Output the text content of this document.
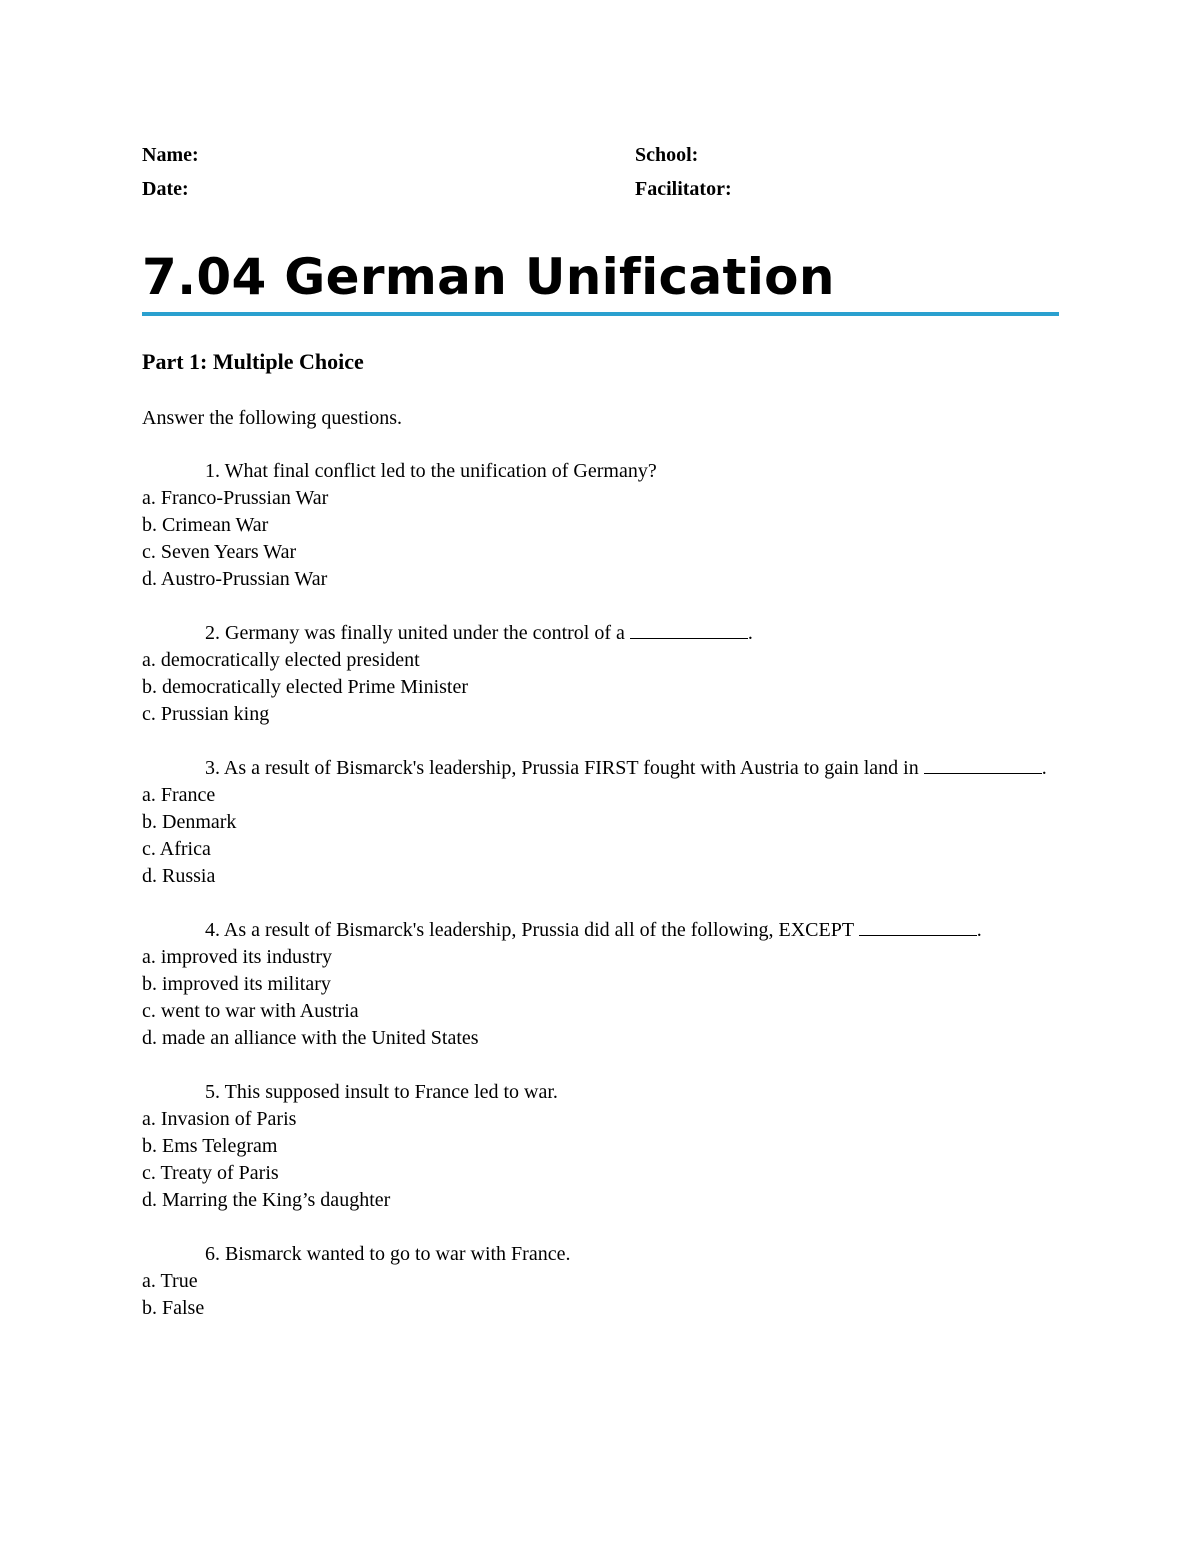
Name:	School:
Date:	Facilitator:
7.04 German Unification
Part 1: Multiple Choice
Answer the following questions.

1. What final conflict led to the unification of Germany?

a. Franco-Prussian War
b. Crimean War
c. Seven Years War
d. Austro-Prussian War

2. Germany was finally united under the control of a	.

a. democratically elected president
b. democratically elected Prime Minister
c. Prussian king

3. As a result of Bismarck's leadership, Prussia FIRST fought with Austria to gain land in	.

a. France
b. Denmark
c. Africa
d. Russia

4. As a result of Bismarck's leadership, Prussia did all of the following, EXCEPT	.

a. improved its industry
b. improved its military
c. went to war with Austria
d. made an alliance with the United States

5. This supposed insult to France led to war.

a. Invasion of Paris
b. Ems Telegram
c. Treaty of Paris
d. Marring the King’s daughter

6. Bismarck wanted to go to war with France.

a. True
b. False
